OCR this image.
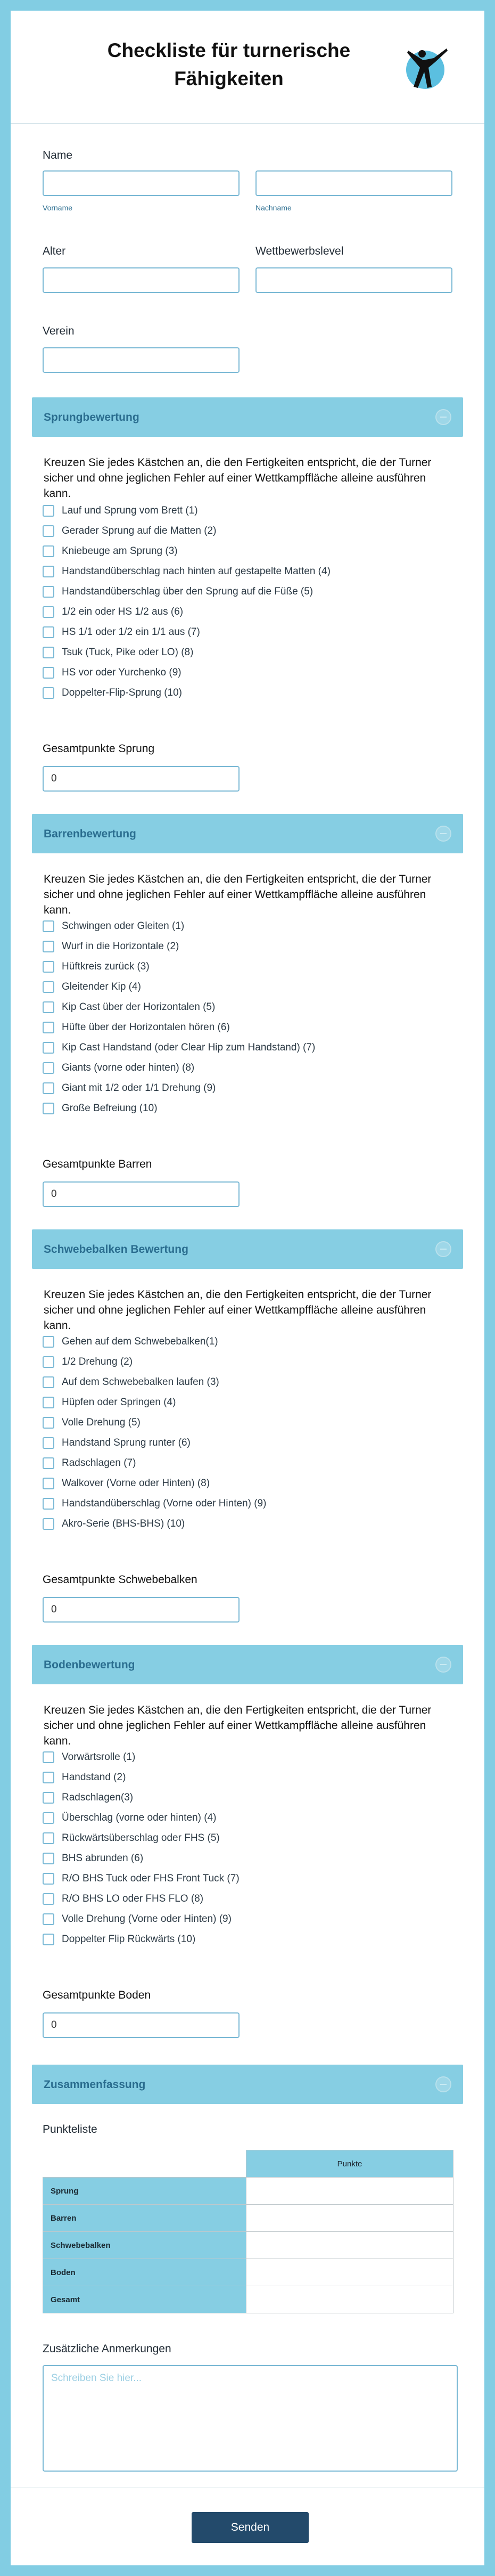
Checkliste für turnerische Fähigkeiten
Name
Vorname	Nachname
Alter	Wettbewerbslevel
Verein
Sprungbewertung
Kreuzen Sie jedes Kästchen an, die den Fertigkeiten entspricht, die der Turner sicher und ohne jeglichen Fehler auf einer Wettkampffläche alleine ausführen kann.
Lauf und Sprung vom Brett (1)
Gerader Sprung auf die Matten (2)
Kniebeuge am Sprung (3)
Handstandüberschlag nach hinten auf gestapelte Matten (4)
Handstandüberschlag über den Sprung auf die Füße (5)
1/2 ein oder HS 1/2 aus (6)
HS 1/1 oder 1/2 ein 1/1 aus (7)
Tsuk (Tuck, Pike oder LO) (8)
HS vor oder Yurchenko (9)
Doppelter-Flip-Sprung (10)
Gesamtpunkte Sprung
0
Barrenbewertung
Kreuzen Sie jedes Kästchen an, die den Fertigkeiten entspricht, die der Turner sicher und ohne jeglichen Fehler auf einer Wettkampffläche alleine ausführen kann.
Schwingen oder Gleiten (1)
Wurf in die Horizontale (2)
Hüftkreis zurück (3)
Gleitender Kip (4)
Kip Cast über der Horizontalen (5)
Hüfte über der Horizontalen hören (6)
Kip Cast Handstand (oder Clear Hip zum Handstand) (7)
Giants (vorne oder hinten) (8)
Giant mit 1/2 oder 1/1 Drehung (9)
Große Befreiung (10)
Gesamtpunkte Barren
0
Schwebebalken Bewertung
Kreuzen Sie jedes Kästchen an, die den Fertigkeiten entspricht, die der Turner sicher und ohne jeglichen Fehler auf einer Wettkampffläche alleine ausführen kann.
Gehen auf dem Schwebebalken(1)
1/2 Drehung (2)
Auf dem Schwebebalken laufen (3)
Hüpfen oder Springen (4)
Volle Drehung (5)
Handstand Sprung runter (6)
Radschlagen (7)
Walkover (Vorne oder Hinten) (8)
Handstandüberschlag (Vorne oder Hinten) (9)
Akro-Serie (BHS-BHS) (10)
Gesamtpunkte Schwebebalken
0
Bodenbewertung
Kreuzen Sie jedes Kästchen an, die den Fertigkeiten entspricht, die der Turner sicher und ohne jeglichen Fehler auf einer Wettkampffläche alleine ausführen kann.
Vorwärtsrolle (1)
Handstand (2)
Radschlagen(3)
Überschlag (vorne oder hinten) (4)
Rückwärtsüberschlag oder FHS (5)
BHS abrunden (6)
R/O BHS Tuck oder FHS Front Tuck (7)
R/O BHS LO oder FHS FLO (8)
Volle Drehung (Vorne oder Hinten) (9)
Doppelter Flip Rückwärts (10)
Gesamtpunkte Boden
0
Zusammenfassung
Punkteliste
	Punkte
Sprung	
Barren	
Schwebebalken	
Boden	
Gesamt	
Zusätzliche Anmerkungen
Schreiben Sie hier...
Senden
